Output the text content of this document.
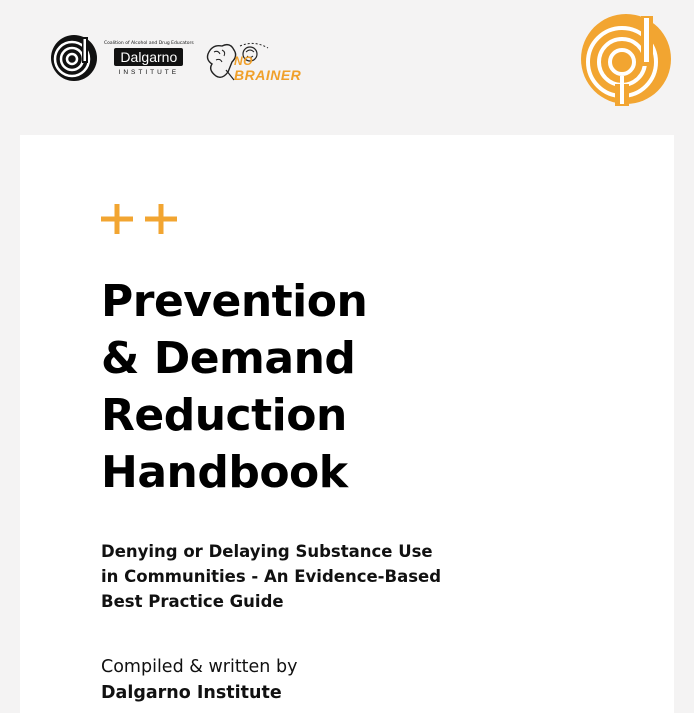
Coalition of Alcohol and Drug Educators
Dalgarno
INSTITUTE
NO
BRAINER
Prevention
& Demand
Reduction
Handbook
Denying or Delaying Substance Use
in Communities - An Evidence-Based
Best Practice Guide
Compiled & written by
Dalgarno Institute
